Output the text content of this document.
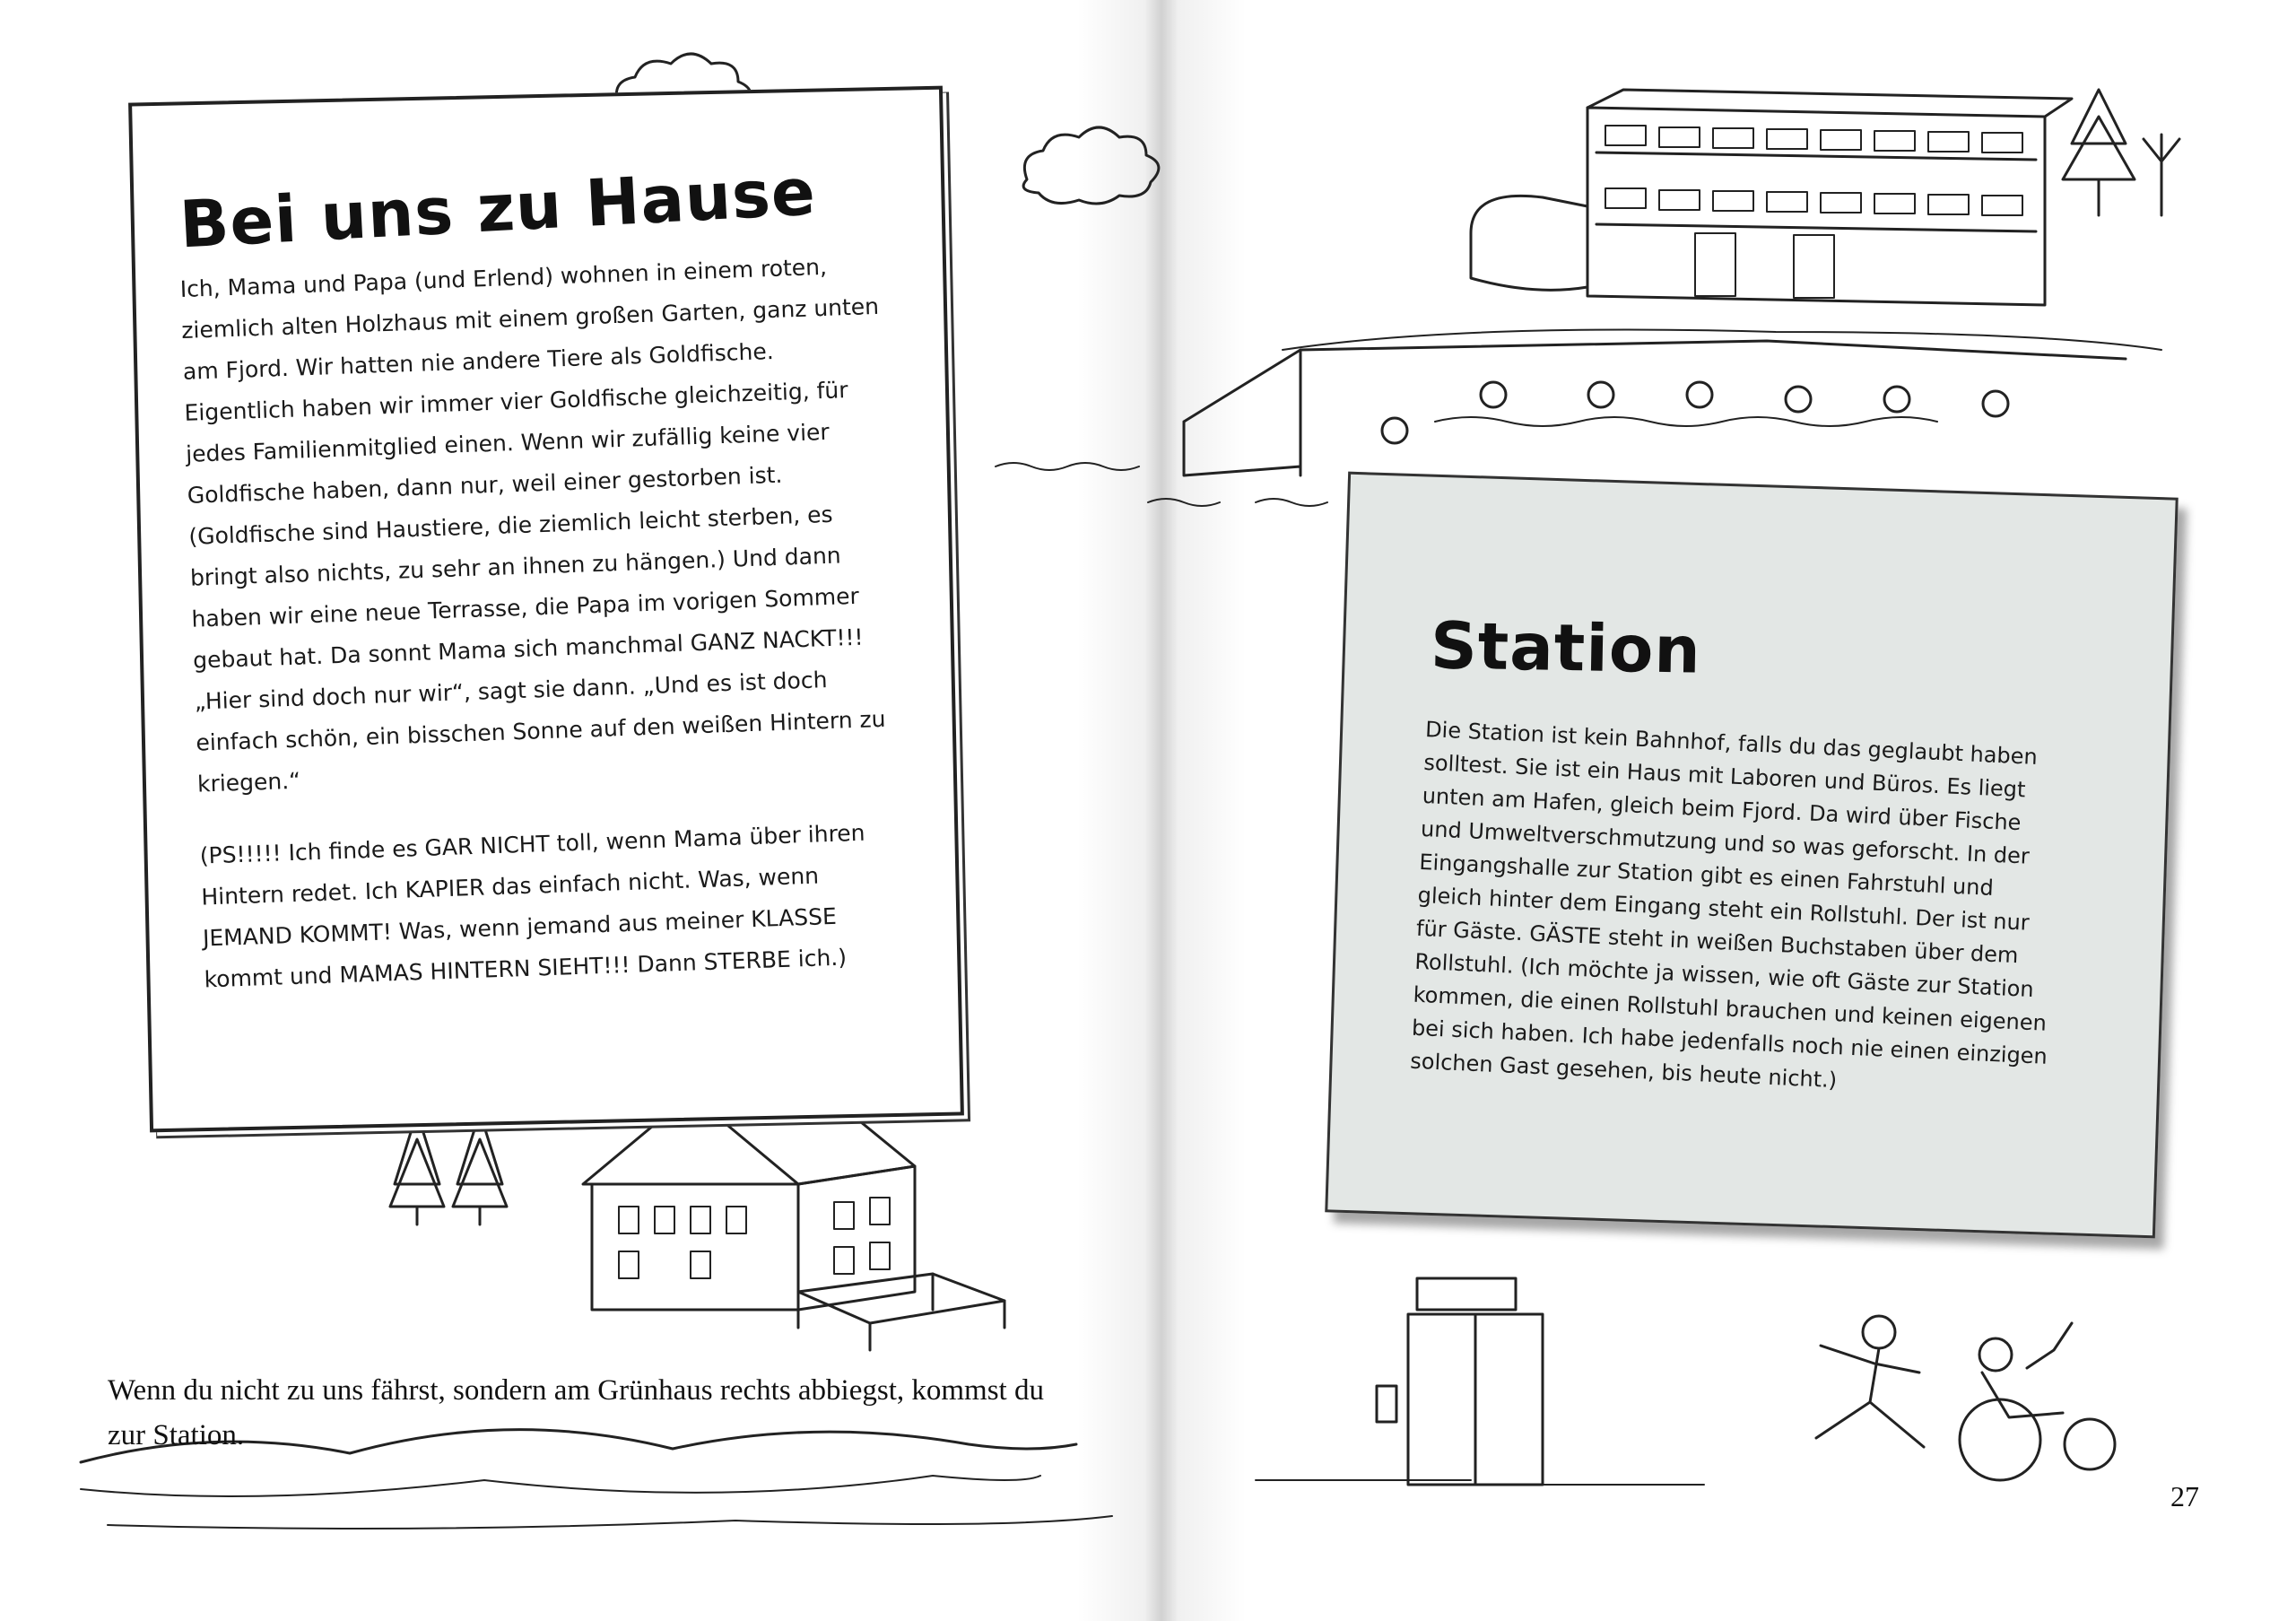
Bei uns zu Hause

Ich, Mama und Papa (und Erlend) wohnen in einem roten, ziemlich alten Holzhaus mit einem großen Garten, ganz unten am Fjord. Wir hatten nie andere Tiere als Goldfische. Eigentlich haben wir immer vier Goldfische gleichzeitig, für jedes Familienmitglied einen. Wenn wir zufällig keine vier Goldfische haben, dann nur, weil einer gestorben ist. (Goldfische sind Haustiere, die ziemlich leicht sterben, es bringt also nichts, zu sehr an ihnen zu hängen.) Und dann haben wir eine neue Terrasse, die Papa im vorigen Sommer gebaut hat. Da sonnt Mama sich manchmal GANZ NACKT!!! „Hier sind doch nur wir“, sagt sie dann. „Und es ist doch einfach schön, ein bisschen Sonne auf den weißen Hintern zu kriegen.“

(PS!!!!! Ich finde es GAR NICHT toll, wenn Mama über ihren Hintern redet. Ich KAPIER das einfach nicht. Was, wenn JEMAND KOMMT! Was, wenn jemand aus meiner KLASSE kommt und MAMAS HINTERN SIEHT!!! Dann STERBE ich.)

Wenn du nicht zu uns fährst, sondern am Grünhaus rechts abbiegst, kommst du zur Station.
Station
Die Station ist kein Bahnhof, falls du das geglaubt haben solltest. Sie ist ein Haus mit Laboren und Büros. Es liegt unten am Hafen, gleich beim Fjord. Da wird über Fische und Umweltverschmutzung und so was geforscht. In der Eingangshalle zur Station gibt es einen Fahrstuhl und gleich hinter dem Eingang steht ein Rollstuhl. Der ist nur für Gäste. GÄSTE steht in weißen Buchstaben über dem Rollstuhl. (Ich möchte ja wissen, wie oft Gäste zur Station kommen, die einen Rollstuhl brauchen und keinen eigenen bei sich haben. Ich habe jedenfalls noch nie einen einzigen solchen Gast gesehen, bis heute nicht.)
27
